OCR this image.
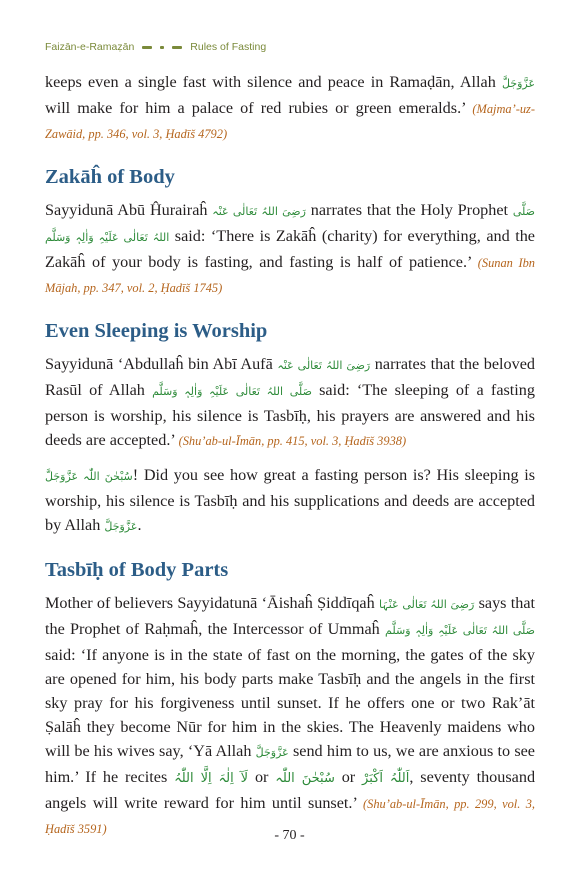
Faizān-e-Ramaẓān	Rules of Fasting

keeps even a single fast with silence and peace in Ramaḍān, Allah عَزَّوَجَلَّ will make for him a palace of red rubies or green emeralds.’ (Majma’-uz-Zawāid, pp. 346, vol. 3, Ḥadīš 4792)

Zakāĥ of Body

Sayyidunā Abū Ĥurairaĥ رَضِیَ اللہُ تَعَالٰی عَنْہ narrates that the Holy Prophet صَلَّی اللہُ تَعَالٰی عَلَیْہِ وَاٰلِہٖ وَسَلَّم said: ‘There is Zakāĥ (charity) for everything, and the Zakāĥ of your body is fasting, and fasting is half of patience.’ (Sunan Ibn Mājah, pp. 347, vol. 2, Ḥadīš 1745)

Even Sleeping is Worship

Sayyidunā ‘Abdullaĥ bin Abī Aufā رَضِیَ اللہُ تَعَالٰی عَنْہ narrates that the beloved Rasūl of Allah صَلَّی اللہُ تَعَالٰی عَلَیْہِ وَاٰلِہٖ وَسَلَّم said: ‘The sleeping of a fasting person is worship, his silence is Tasbīḥ, his prayers are answered and his deeds are accepted.’ (Shu’ab-ul-Īmān, pp. 415, vol. 3, Ḥadīš 3938)

سُبْحٰنَ اللّٰہ عَزَّوَجَلَّ! Did you see how great a fasting person is? His sleeping is worship, his silence is Tasbīḥ and his supplications and deeds are accepted by Allah عَزَّوَجَلَّ.

Tasbīḥ of Body Parts

Mother of believers Sayyidatunā ‘Āishaĥ Ṣiddīqaĥ رَضِیَ اللہُ تَعَالٰی عَنْہَا says that the Prophet of Raḥmaĥ, the Intercessor of Ummaĥ صَلَّی اللہُ تَعَالٰی عَلَیْہِ وَاٰلِہٖ وَسَلَّم said: ‘If anyone is in the state of fast on the morning, the gates of the sky are opened for him, his body parts make Tasbīḥ and the angels in the first sky pray for his forgiveness until sunset. If he offers one or two Rak’āt Ṣalāĥ they become Nūr for him in the skies. The Heavenly maidens who will be his wives say, ‘Yā Allah عَزَّوَجَلَّ send him to us, we are anxious to see him.’ If he recites لَآ اِلٰہَ اِلَّا اللّٰہُ or سُبْحٰنَ اللّٰہ or اَللّٰہُ اَکْبَرْ, seventy thousand angels will write reward for him until sunset.’ (Shu’ab-ul-Īmān, pp. 299, vol. 3, Ḥadīš 3591)	- 70 -
